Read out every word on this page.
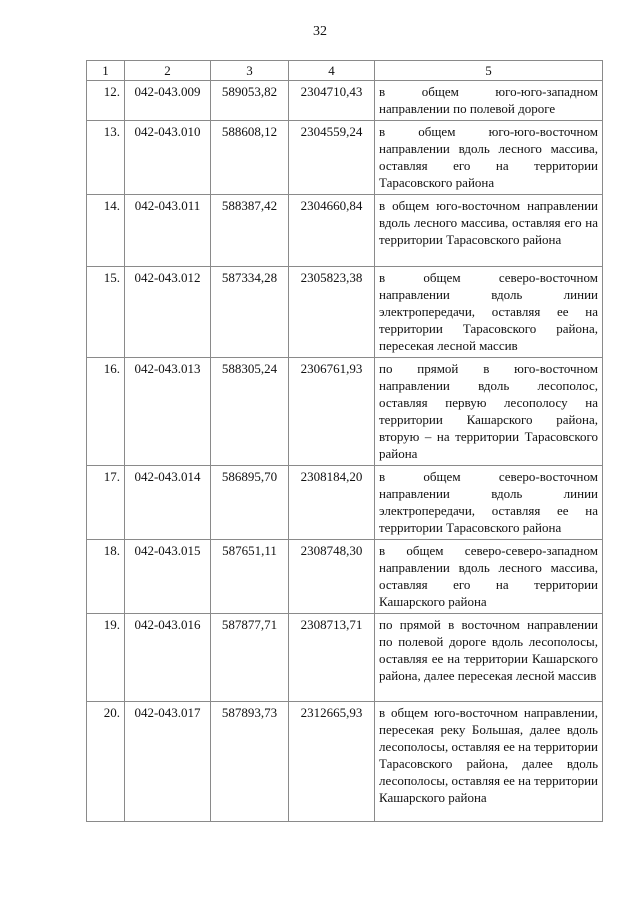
32
1	2	3	4	5
12.	042-043.009	589053,82	2304710,43	в общем юго-юго-западном направлении по полевой дороге
13.	042-043.010	588608,12	2304559,24	в общем юго-юго-восточном направлении вдоль лесного массива, оставляя его на территории Тарасовского района
14.	042-043.011	588387,42	2304660,84	в общем юго-восточном направлении вдоль лесного массива, оставляя его на территории Тарасовского района
15.	042-043.012	587334,28	2305823,38	в общем северо-восточном направлении вдоль линии электропередачи, оставляя ее на территории Тарасовского района, пересекая лесной массив
16.	042-043.013	588305,24	2306761,93	по прямой в юго-восточном направлении вдоль лесополос, оставляя первую лесополосу на территории Кашарского района, вторую – на территории Тарасовского района
17.	042-043.014	586895,70	2308184,20	в общем северо-восточном направлении вдоль линии электропередачи, оставляя ее на территории Тарасовского района
18.	042-043.015	587651,11	2308748,30	в общем северо-северо-западном направлении вдоль лесного массива, оставляя его на территории Кашарского района
19.	042-043.016	587877,71	2308713,71	по прямой в восточном направлении по полевой дороге вдоль лесополосы, оставляя ее на территории Кашарского района, далее пересекая лесной массив
20.	042-043.017	587893,73	2312665,93	в общем юго-восточном направлении, пересекая реку Большая, далее вдоль лесополосы, оставляя ее на территории Тарасовского района, далее вдоль лесополосы, оставляя ее на территории Кашарского района
